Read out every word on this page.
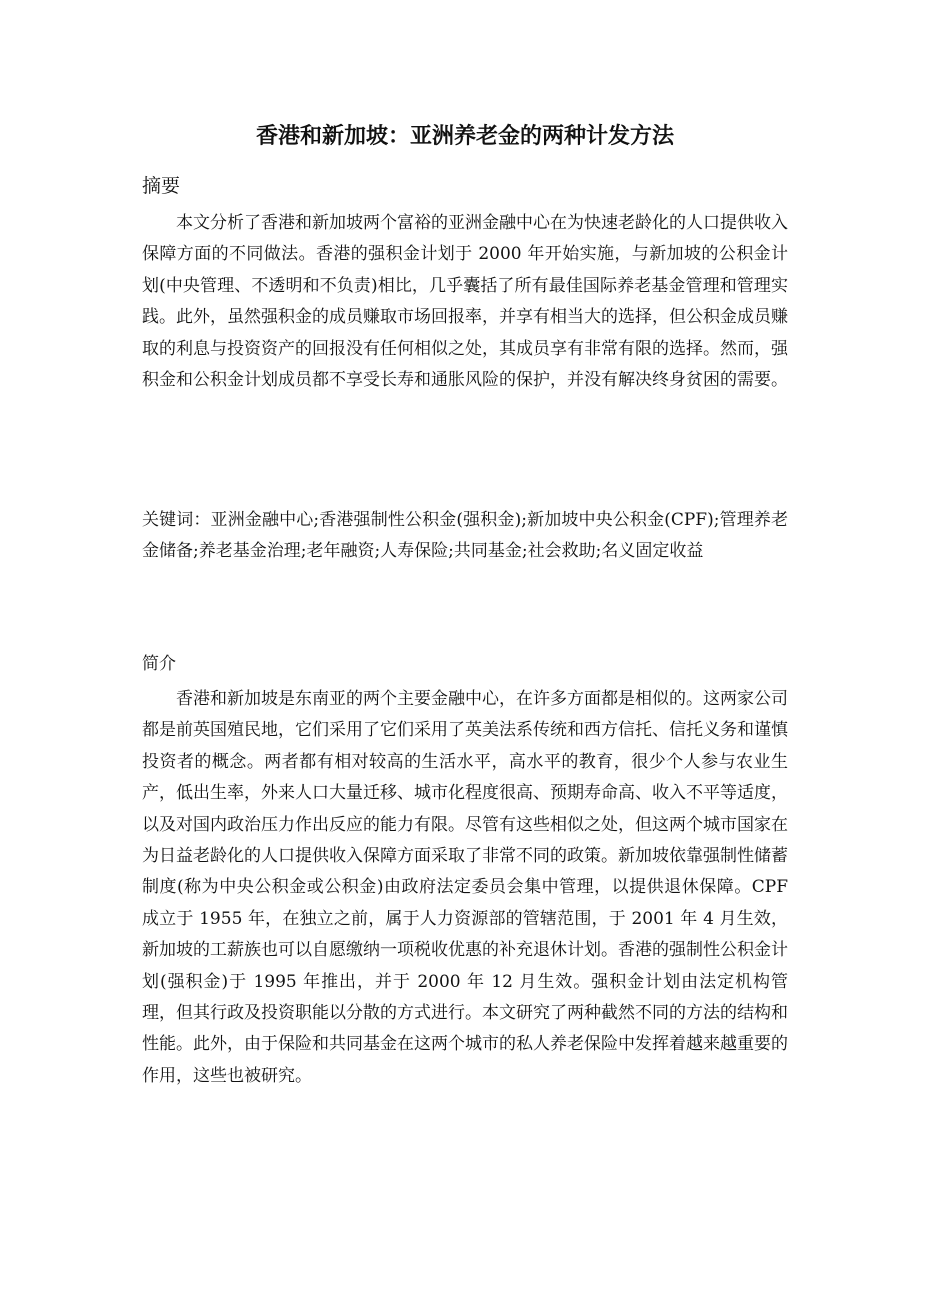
香港和新加坡：亚洲养老金的两种计发方法
摘要

本文分析了香港和新加坡两个富裕的亚洲金融中心在为快速老龄化的人口提供收入保障方面的不同做法。香港的强积金计划于 2000 年开始实施，与新加坡的公积金计划(中央管理、不透明和不负责)相比，几乎囊括了所有最佳国际养老基金管理和管理实践。此外，虽然强积金的成员赚取市场回报率，并享有相当大的选择，但公积金成员赚取的利息与投资资产的回报没有任何相似之处，其成员享有非常有限的选择。然而，强积金和公积金计划成员都不享受长寿和通胀风险的保护，并没有解决终身贫困的需要。

关键词：亚洲金融中心;香港强制性公积金(强积金);新加坡中央公积金(CPF);管理养老金储备;养老基金治理;老年融资;人寿保险;共同基金;社会救助;名义固定收益

简介

香港和新加坡是东南亚的两个主要金融中心，在许多方面都是相似的。这两家公司都是前英国殖民地，它们采用了它们采用了英美法系传统和西方信托、信托义务和谨慎投资者的概念。两者都有相对较高的生活水平，高水平的教育，很少个人参与农业生产，低出生率，外来人口大量迁移、城市化程度很高、预期寿命高、收入不平等适度，以及对国内政治压力作出反应的能力有限。尽管有这些相似之处，但这两个城市国家在为日益老龄化的人口提供收入保障方面采取了非常不同的政策。新加坡依靠强制性储蓄制度(称为中央公积金或公积金)由政府法定委员会集中管理，以提供退休保障。CPF 成立于 1955 年，在独立之前，属于人力资源部的管辖范围，于 2001 年 4 月生效，新加坡的工薪族也可以自愿缴纳一项税收优惠的补充退休计划。香港的强制性公积金计划(强积金)于 1995 年推出，并于 2000 年 12 月生效。强积金计划由法定机构管理，但其行政及投资职能以分散的方式进行。本文研究了两种截然不同的方法的结构和性能。此外，由于保险和共同基金在这两个城市的私人养老保险中发挥着越来越重要的作用，这些也被研究。
